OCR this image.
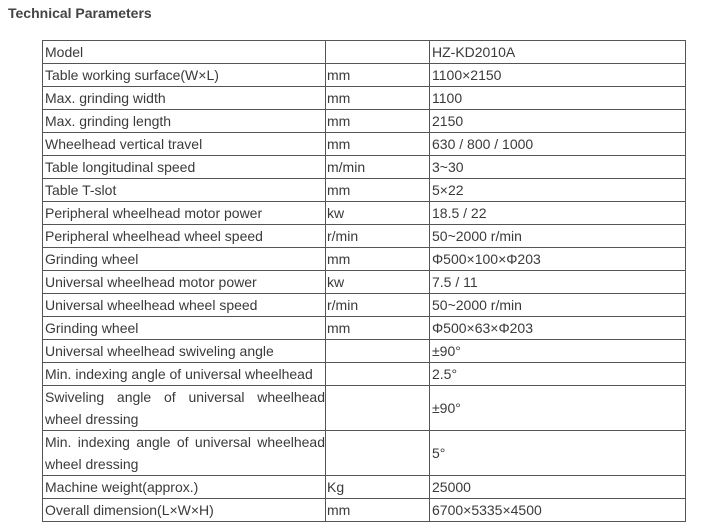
Technical Parameters
Model		HZ-KD2010A
Table working surface(W×L)	mm	1100×2150
Max. grinding width	mm	1100
Max. grinding length	mm	2150
Wheelhead vertical travel	mm	630 / 800 / 1000
Table longitudinal speed	m/min	3~30
Table T-slot	mm	5×22
Peripheral wheelhead motor power	kw	18.5 / 22
Peripheral wheelhead wheel speed	r/min	50~2000 r/min
Grinding wheel	mm	Φ500×100×Φ203
Universal wheelhead motor power	kw	7.5 / 11
Universal wheelhead wheel speed	r/min	50~2000 r/min
Grinding wheel	mm	Φ500×63×Φ203
Universal wheelhead swiveling angle		±90°
Min. indexing angle of universal wheelhead		2.5°
Swiveling angle of universal wheelhead wheel dressing		±90°
Min. indexing angle of universal wheelhead wheel dressing		5°
Machine weight(approx.)	Kg	25000
Overall dimension(L×W×H)	mm	6700×5335×4500
